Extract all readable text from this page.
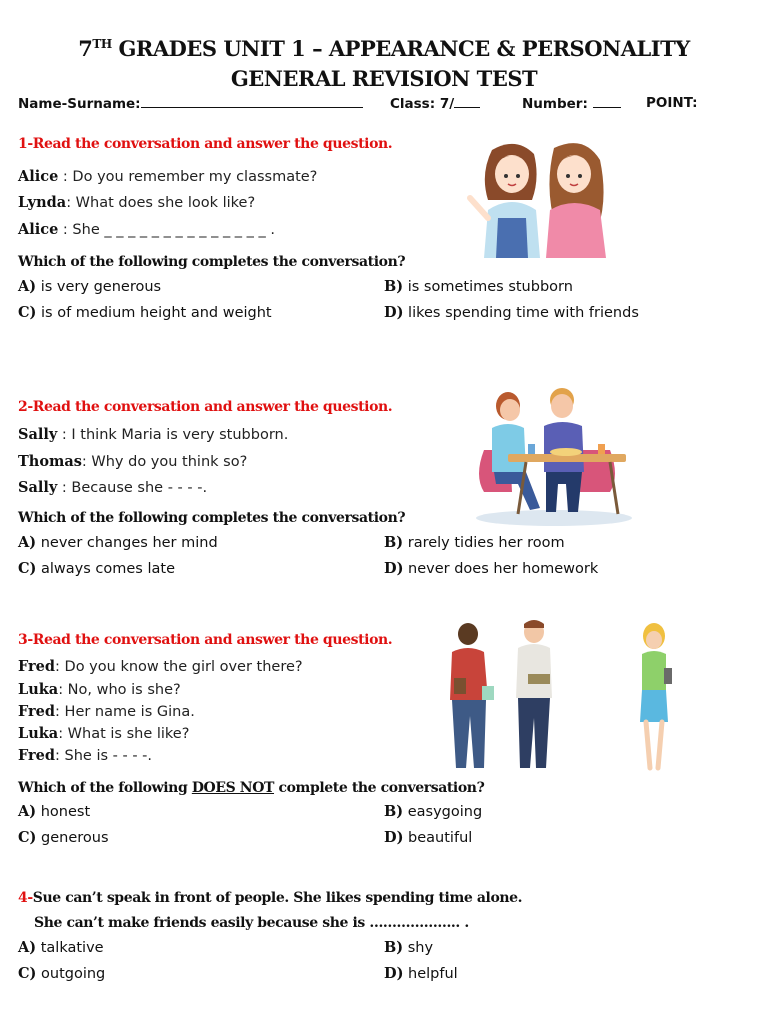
7TH GRADES UNIT 1 – APPEARANCE & PERSONALITY
GENERAL REVISION TEST
Name-Surname:	Class: 7/	Number:	POINT:
1-Read the conversation and answer the question.
Alice : Do you remember my classmate?
Lynda: What does she look like?
Alice : She _ _ _ _ _ _ _ _ _ _ _ _ _ _ .
Which of the following completes the conversation?
A) is very generous	B) is sometimes stubborn
C) is of medium height and weight	D) likes spending time with friends
2-Read the conversation and answer the question.
Sally : I think Maria is very stubborn.
Thomas: Why do you think so?
Sally : Because she - - - -.
Which of the following completes the conversation?
A) never changes her mind	B) rarely tidies her room
C) always comes late	D) never does her homework
3-Read the conversation and answer the question.
Fred: Do you know the girl over there?
Luka: No, who is she?
Fred: Her name is Gina.
Luka: What is she like?
Fred: She is - - - -.
Which of the following DOES NOT complete the conversation?
A) honest	B) easygoing
C) generous	D) beautiful
4-Sue can’t speak in front of people. She likes spending time alone.
She can’t make friends easily because she is ……………….. .
A) talkative	B) shy
C) outgoing	D) helpful
